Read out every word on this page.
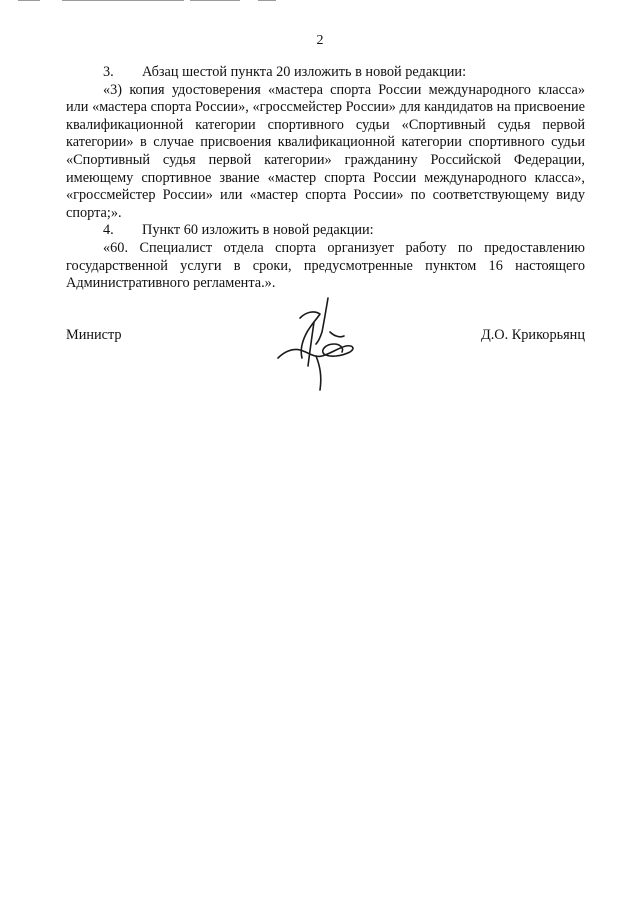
2

3. Абзац шестой пункта 20 изложить в новой редакции:

«3) копия удостоверения «мастера спорта России международного класса» или «мастера спорта России», «гроссмейстер России» для кандидатов на присвоение квалификационной категории спортивного судьи «Спортивный судья первой категории» в случае присвоения квалификационной категории спортивного судьи «Спортивный судья первой категории» гражданину Российской Федерации, имеющему спортивное звание «мастер спорта России международного класса», «гроссмейстер России» или «мастер спорта России» по соответствующему виду спорта;».

4. Пункт 60 изложить в новой редакции:

«60. Специалист отдела спорта организует работу по предоставлению государственной услуги в сроки, предусмотренные пунктом 16 настоящего Административного регламента.».

Министр	Д.О. Крикорьянц
